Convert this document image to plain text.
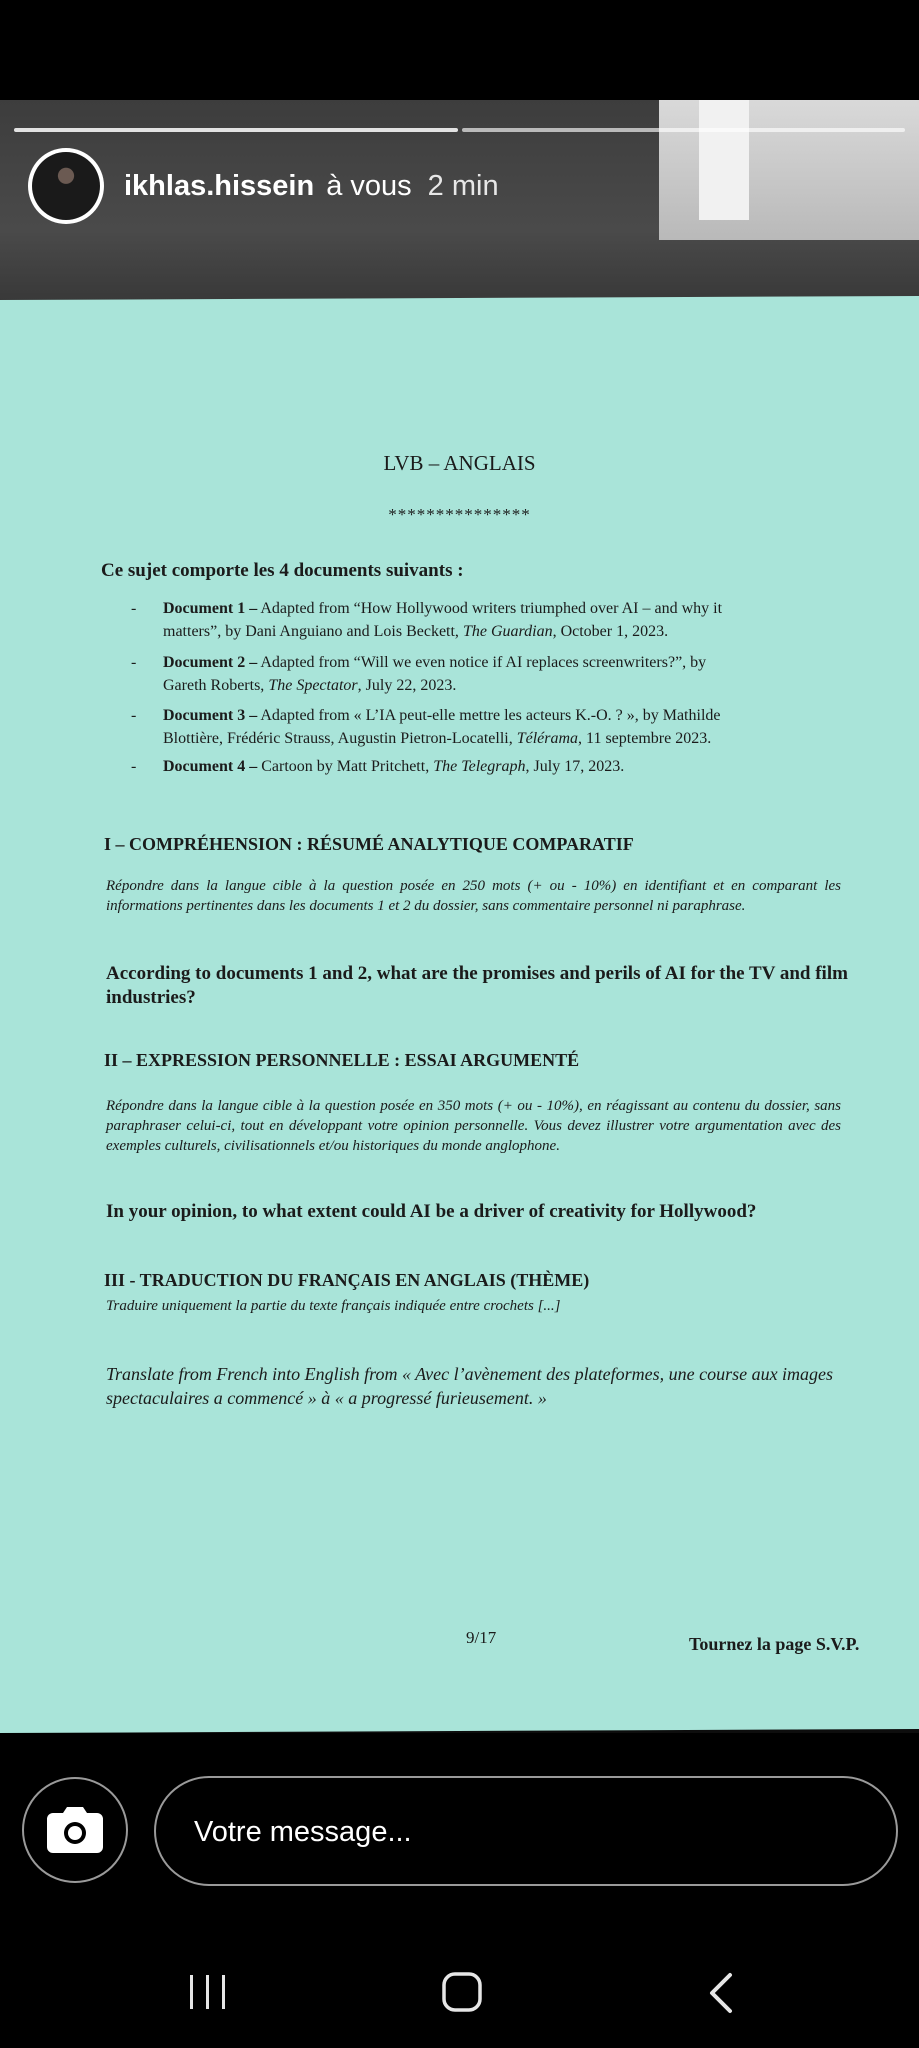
ikhlas.hissein à vous 2 min
LVB – ANGLAIS
***************
Ce sujet comporte les 4 documents suivants :
- Document 1 – Adapted from “How Hollywood writers triumphed over AI – and why it
matters”, by Dani Anguiano and Lois Beckett, The Guardian, October 1, 2023.
- Document 2 – Adapted from “Will we even notice if AI replaces screenwriters?”, by
Gareth Roberts, The Spectator, July 22, 2023.
- Document 3 – Adapted from « L’IA peut-elle mettre les acteurs K.-O. ? », by Mathilde
Blottière, Frédéric Strauss, Augustin Pietron-Locatelli, Télérama, 11 septembre 2023.
- Document 4 – Cartoon by Matt Pritchett, The Telegraph, July 17, 2023.
I – COMPRÉHENSION : RÉSUMÉ ANALYTIQUE COMPARATIF
Répondre dans la langue cible à la question posée en 250 mots (+ ou - 10%) en identifiant et en comparant les informations pertinentes dans les documents 1 et 2 du dossier, sans commentaire personnel ni paraphrase.
According to documents 1 and 2, what are the promises and perils of AI for the TV and film industries?
II – EXPRESSION PERSONNELLE : ESSAI ARGUMENTÉ
Répondre dans la langue cible à la question posée en 350 mots (+ ou - 10%), en réagissant au contenu du dossier, sans paraphraser celui-ci, tout en développant votre opinion personnelle. Vous devez illustrer votre argumentation avec des exemples culturels, civilisationnels et/ou historiques du monde anglophone.
In your opinion, to what extent could AI be a driver of creativity for Hollywood?
III - TRADUCTION DU FRANÇAIS EN ANGLAIS (THÈME)
Traduire uniquement la partie du texte français indiquée entre crochets [...]
Translate from French into English from « Avec l’avènement des plateformes, une course aux images spectaculaires a commencé » à « a progressé furieusement. »
9/17	Tournez la page S.V.P.
Votre message...
